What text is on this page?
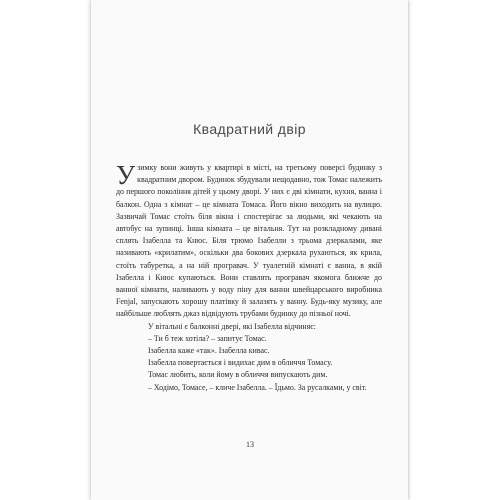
Квадратний двір

Узимку вони живуть у квартирі в місті, на третьому поверсі будинку з квадратним двором. Будинок збудували нещодавно, тож Томас належить до першого покоління дітей у цьому дворі. У них є дві кімнати, кухня, ванна і балкон. Одна з кімнат – це кімната Томаса. Його вікно виходить на вулицю. Зазвичай Томас стоїть біля вікна і спостерігає за людьми, які чекають на автобус на зупинці. Інша кімната – це вітальня. Тут на розкладному дивані сплять Ізабелла та Кнюс. Біля трюмо Ізабелли з трьома дзеркалами, яке називають «крилатим», оскільки два бокових дзеркала рухаються, як крила, стоїть табуретка, а на ній програвач. У туалетній кімнаті є ванна, в якій Ізабелла і Кнюс купаються. Вони ставлять програвач якомога ближче до ванної кімнати, наливають у воду піну для ванни швейцарського виробника Fenjal, запускають хорошу платівку й залазять у ванну. Будь-яку музику, але найбільше люблять джаз відвідують трубами будинку до пізньої ночі.

У вітальні є балконні двері, які Ізабелла відчиняє:

– Ти б теж хотіла? – запитує Томас.

Ізабелла каже «так». Ізабелла кивас.

Ізабелла повертається і видихає дим в обличчя Томасу.

Томас любить, коли йому в обличчя випускають дим.

– Ходімо, Томасе, – кличе Ізабелла. – Їдьмо. За русалками, у світ.

13
